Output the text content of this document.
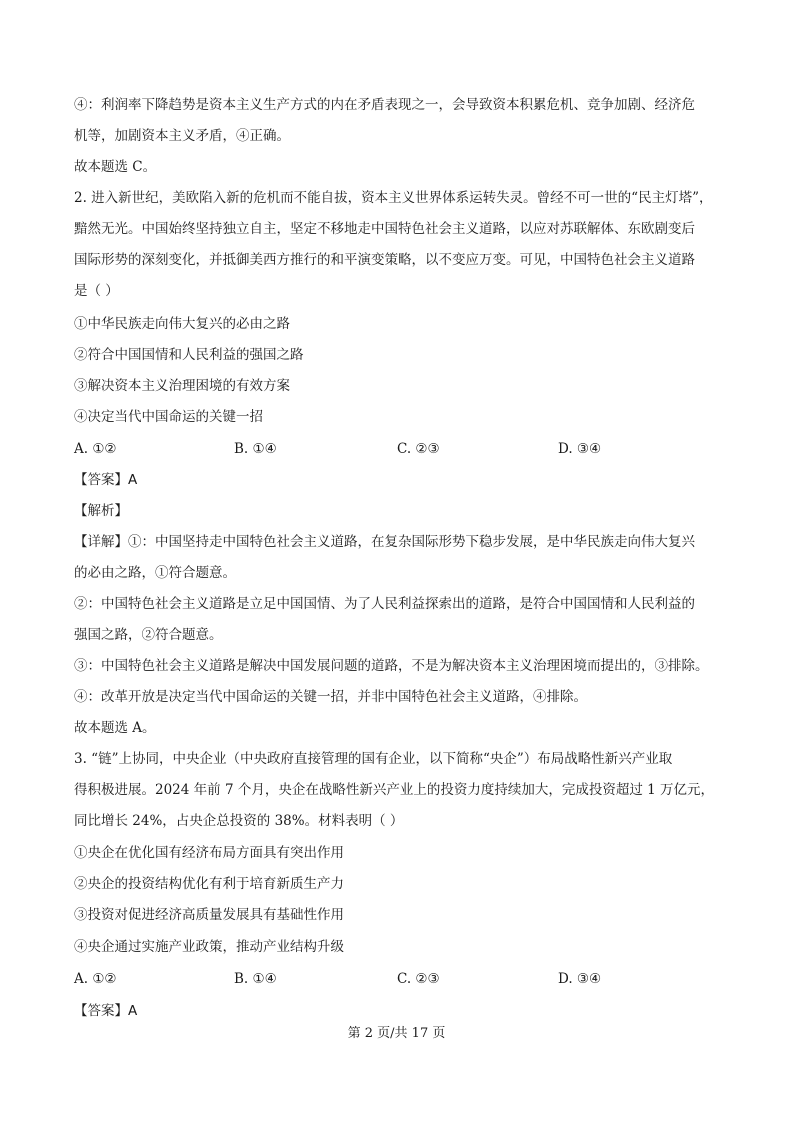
④：利润率下降趋势是资本主义生产方式的内在矛盾表现之一，会导致资本积累危机、竞争加剧、经济危
机等，加剧资本主义矛盾，④正确。
故本题选 C。
2. 进入新世纪，美欧陷入新的危机而不能自拔，资本主义世界体系运转失灵。曾经不可一世的“民主灯塔”，
黯然无光。中国始终坚持独立自主，坚定不移地走中国特色社会主义道路，以应对苏联解体、东欧剧变后
国际形势的深刻变化，并抵御美西方推行的和平演变策略，以不变应万变。可见，中国特色社会主义道路
是（ ）
①中华民族走向伟大复兴的必由之路
②符合中国国情和人民利益的强国之路
③解决资本主义治理困境的有效方案
④决定当代中国命运的关键一招
A. ①②	B. ①④	C. ②③	D. ③④
【答案】A
【解析】
【详解】①：中国坚持走中国特色社会主义道路，在复杂国际形势下稳步发展，是中华民族走向伟大复兴
的必由之路，①符合题意。
②：中国特色社会主义道路是立足中国国情、为了人民利益探索出的道路，是符合中国国情和人民利益的
强国之路，②符合题意。
③：中国特色社会主义道路是解决中国发展问题的道路，不是为解决资本主义治理困境而提出的，③排除。
④：改革开放是决定当代中国命运的关键一招，并非中国特色社会主义道路，④排除。
故本题选 A。
3. “链”上协同，中央企业（中央政府直接管理的国有企业，以下简称“央企”）布局战略性新兴产业取
得积极进展。2024 年前 7 个月，央企在战略性新兴产业上的投资力度持续加大，完成投资超过 1 万亿元，
同比增长 24%，占央企总投资的 38%。材料表明（ ）
①央企在优化国有经济布局方面具有突出作用
②央企的投资结构优化有利于培育新质生产力
③投资对促进经济高质量发展具有基础性作用
④央企通过实施产业政策，推动产业结构升级
A. ①②	B. ①④	C. ②③	D. ③④
【答案】A
第 2 页/共 17 页
